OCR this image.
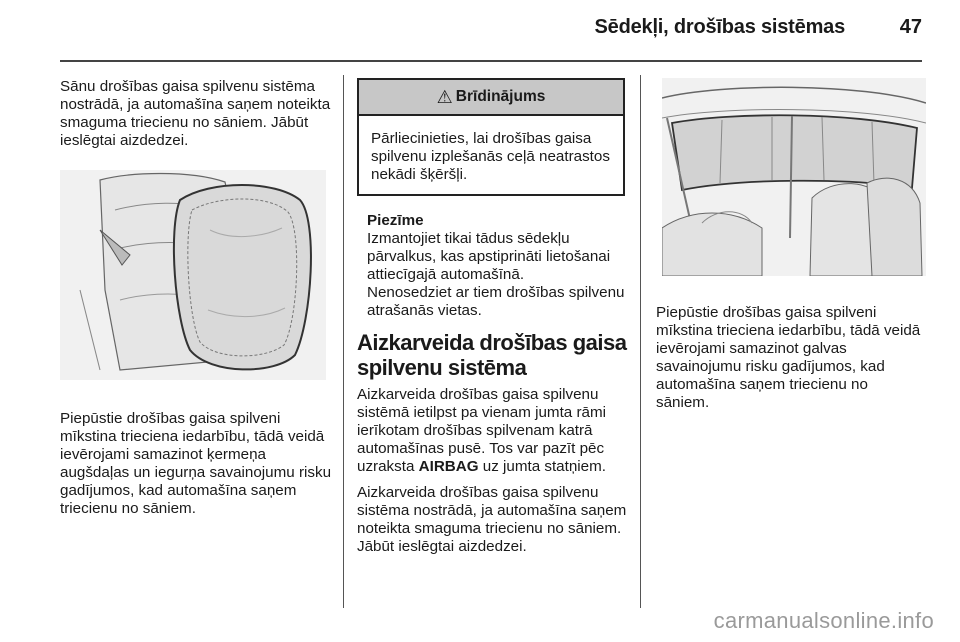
Sēdekļi, drošības sistēmas	47

Sānu drošības gaisa spilvenu sistēma nostrādā, ja automašīna saņem noteikta smaguma triecienu no sāniem. Jābūt ieslēgtai aizdedzei.

Piepūstie drošības gaisa spilveni mīkstina trieciena iedarbību, tādā veidā ievērojami samazinot ķermeņa augšdaļas un iegurņa savainojumu risku gadījumos, kad automašīna saņem triecienu no sāniem.

⚠ Brīdinājums
Pārliecinieties, lai drošības gaisa spilvenu izplešanās ceļā neatrastos nekādi šķēršļi.
Piezīme

Izmantojiet tikai tādus sēdekļu pārvalkus, kas apstiprināti lietošanai attiecīgajā automašīnā.

Nenosedziet ar tiem drošības spilvenu atrašanās vietas.

Aizkarveida drošības gaisa spilvenu sistēma

Aizkarveida drošības gaisa spilvenu sistēmā ietilpst pa vienam jumta rāmi ierīkotam drošības spilvenam katrā automašīnas pusē. Tos var pazīt pēc uzraksta AIRBAG uz jumta statņiem.

Aizkarveida drošības gaisa spilvenu sistēma nostrādā, ja automašīna saņem noteikta smaguma triecienu no sāniem. Jābūt ieslēgtai aizdedzei.

Piepūstie drošības gaisa spilveni mīkstina trieciena iedarbību, tādā veidā ievērojami samazinot galvas savainojumu risku gadījumos, kad automašīna saņem triecienu no sāniem.

carmanualsonline.info
